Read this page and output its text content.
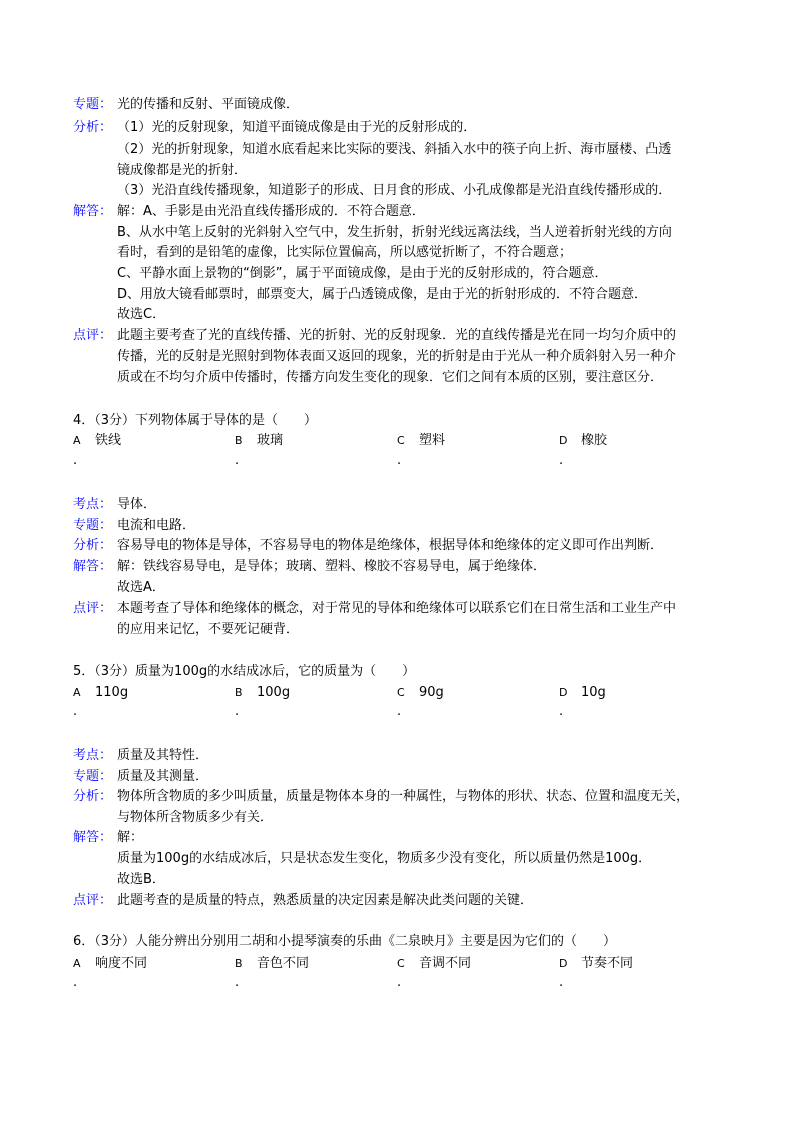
专题： 光的传播和反射、平面镜成像．
分析： （1）光的反射现象，知道平面镜成像是由于光的反射形成的．
（2）光的折射现象，知道水底看起来比实际的要浅、斜插入水中的筷子向上折、海市蜃楼、凸透
镜成像都是光的折射．
（3）光沿直线传播现象，知道影子的形成、日月食的形成、小孔成像都是光沿直线传播形成的．
解答： 解：A、手影是由光沿直线传播形成的．不符合题意．
B、从水中笔上反射的光斜射入空气中，发生折射，折射光线远离法线，当人逆着折射光线的方向
看时，看到的是铅笔的虚像，比实际位置偏高，所以感觉折断了，不符合题意；
C、平静水面上景物的“倒影”，属于平面镜成像，是由于光的反射形成的，符合题意．
D、用放大镜看邮票时，邮票变大，属于凸透镜成像，是由于光的折射形成的．不符合题意．
故选C．
点评： 此题主要考查了光的直线传播、光的折射、光的反射现象．光的直线传播是光在同一均匀介质中的
传播，光的反射是光照射到物体表面又返回的现象，光的折射是由于光从一种介质斜射入另一种介
质或在不均匀介质中传播时，传播方向发生变化的现象．它们之间有本质的区别，要注意区分．
4．（3分）下列物体属于导体的是（　　）
A 铁线	B 玻璃	C 塑料	D 橡胶
.	.	.	.
考点： 导体．
专题： 电流和电路．
分析： 容易导电的物体是导体，不容易导电的物体是绝缘体，根据导体和绝缘体的定义即可作出判断．
解答： 解：铁线容易导电，是导体；玻璃、塑料、橡胶不容易导电，属于绝缘体．
故选A．
点评： 本题考查了导体和绝缘体的概念，对于常见的导体和绝缘体可以联系它们在日常生活和工业生产中
的应用来记忆，不要死记硬背．
5．（3分）质量为100g的水结成冰后，它的质量为（　　）
A 110g	B 100g	C 90g	D 10g
.	.	.	.
考点： 质量及其特性．
专题： 质量及其测量．
分析： 物体所含物质的多少叫质量，质量是物体本身的一种属性，与物体的形状、状态、位置和温度无关，
与物体所含物质多少有关．
解答： 解：
质量为100g的水结成冰后，只是状态发生变化，物质多少没有变化，所以质量仍然是100g．
故选B．
点评： 此题考查的是质量的特点，熟悉质量的决定因素是解决此类问题的关键．
6．（3分）人能分辨出分别用二胡和小提琴演奏的乐曲《二泉映月》主要是因为它们的（　　）
A 响度不同	B 音色不同	C 音调不同	D 节奏不同
.	.	.	.
